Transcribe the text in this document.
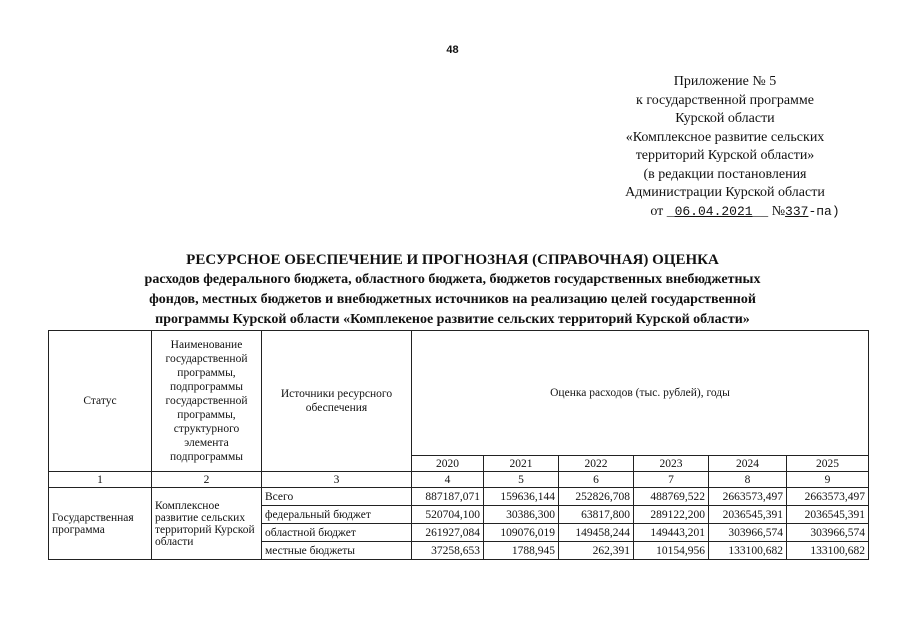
48
Приложение № 5
к государственной программе
Курской области
«Комплексное развитие сельских
территорий Курской области»
(в редакции постановления
Администрации Курской области
от _06.04.2021__ №337-па)
РЕСУРСНОЕ ОБЕСПЕЧЕНИЕ И ПРОГНОЗНАЯ (СПРАВОЧНАЯ) ОЦЕНКА
расходов федерального бюджета, областного бюджета, бюджетов государственных внебюджетных
фондов, местных бюджетов и внебюджетных источников на реализацию целей государственной
программы Курской области «Комплекеное развитие сельских территорий Курской области»
Статус	Наименование государственной программы, подпрограммы государственной программы, структурного элемента подпрограммы	Источники ресурсного обеспечения	Оценка расходов (тыс. рублей), годы					
			2020	2021	2022	2023	2024	2025
1	2	3	4	5	6	7	8	9
Государственная программа	Комплексное развитие сельских территорий Курской области	Всего	887187,071	159636,144	252826,708	488769,522	2663573,497	2663573,497
		федеральный бюджет	520704,100	30386,300	63817,800	289122,200	2036545,391	2036545,391
		областной бюджет	261927,084	109076,019	149458,244	149443,201	303966,574	303966,574
		местные бюджеты	37258,653	1788,945	262,391	10154,956	133100,682	133100,682
